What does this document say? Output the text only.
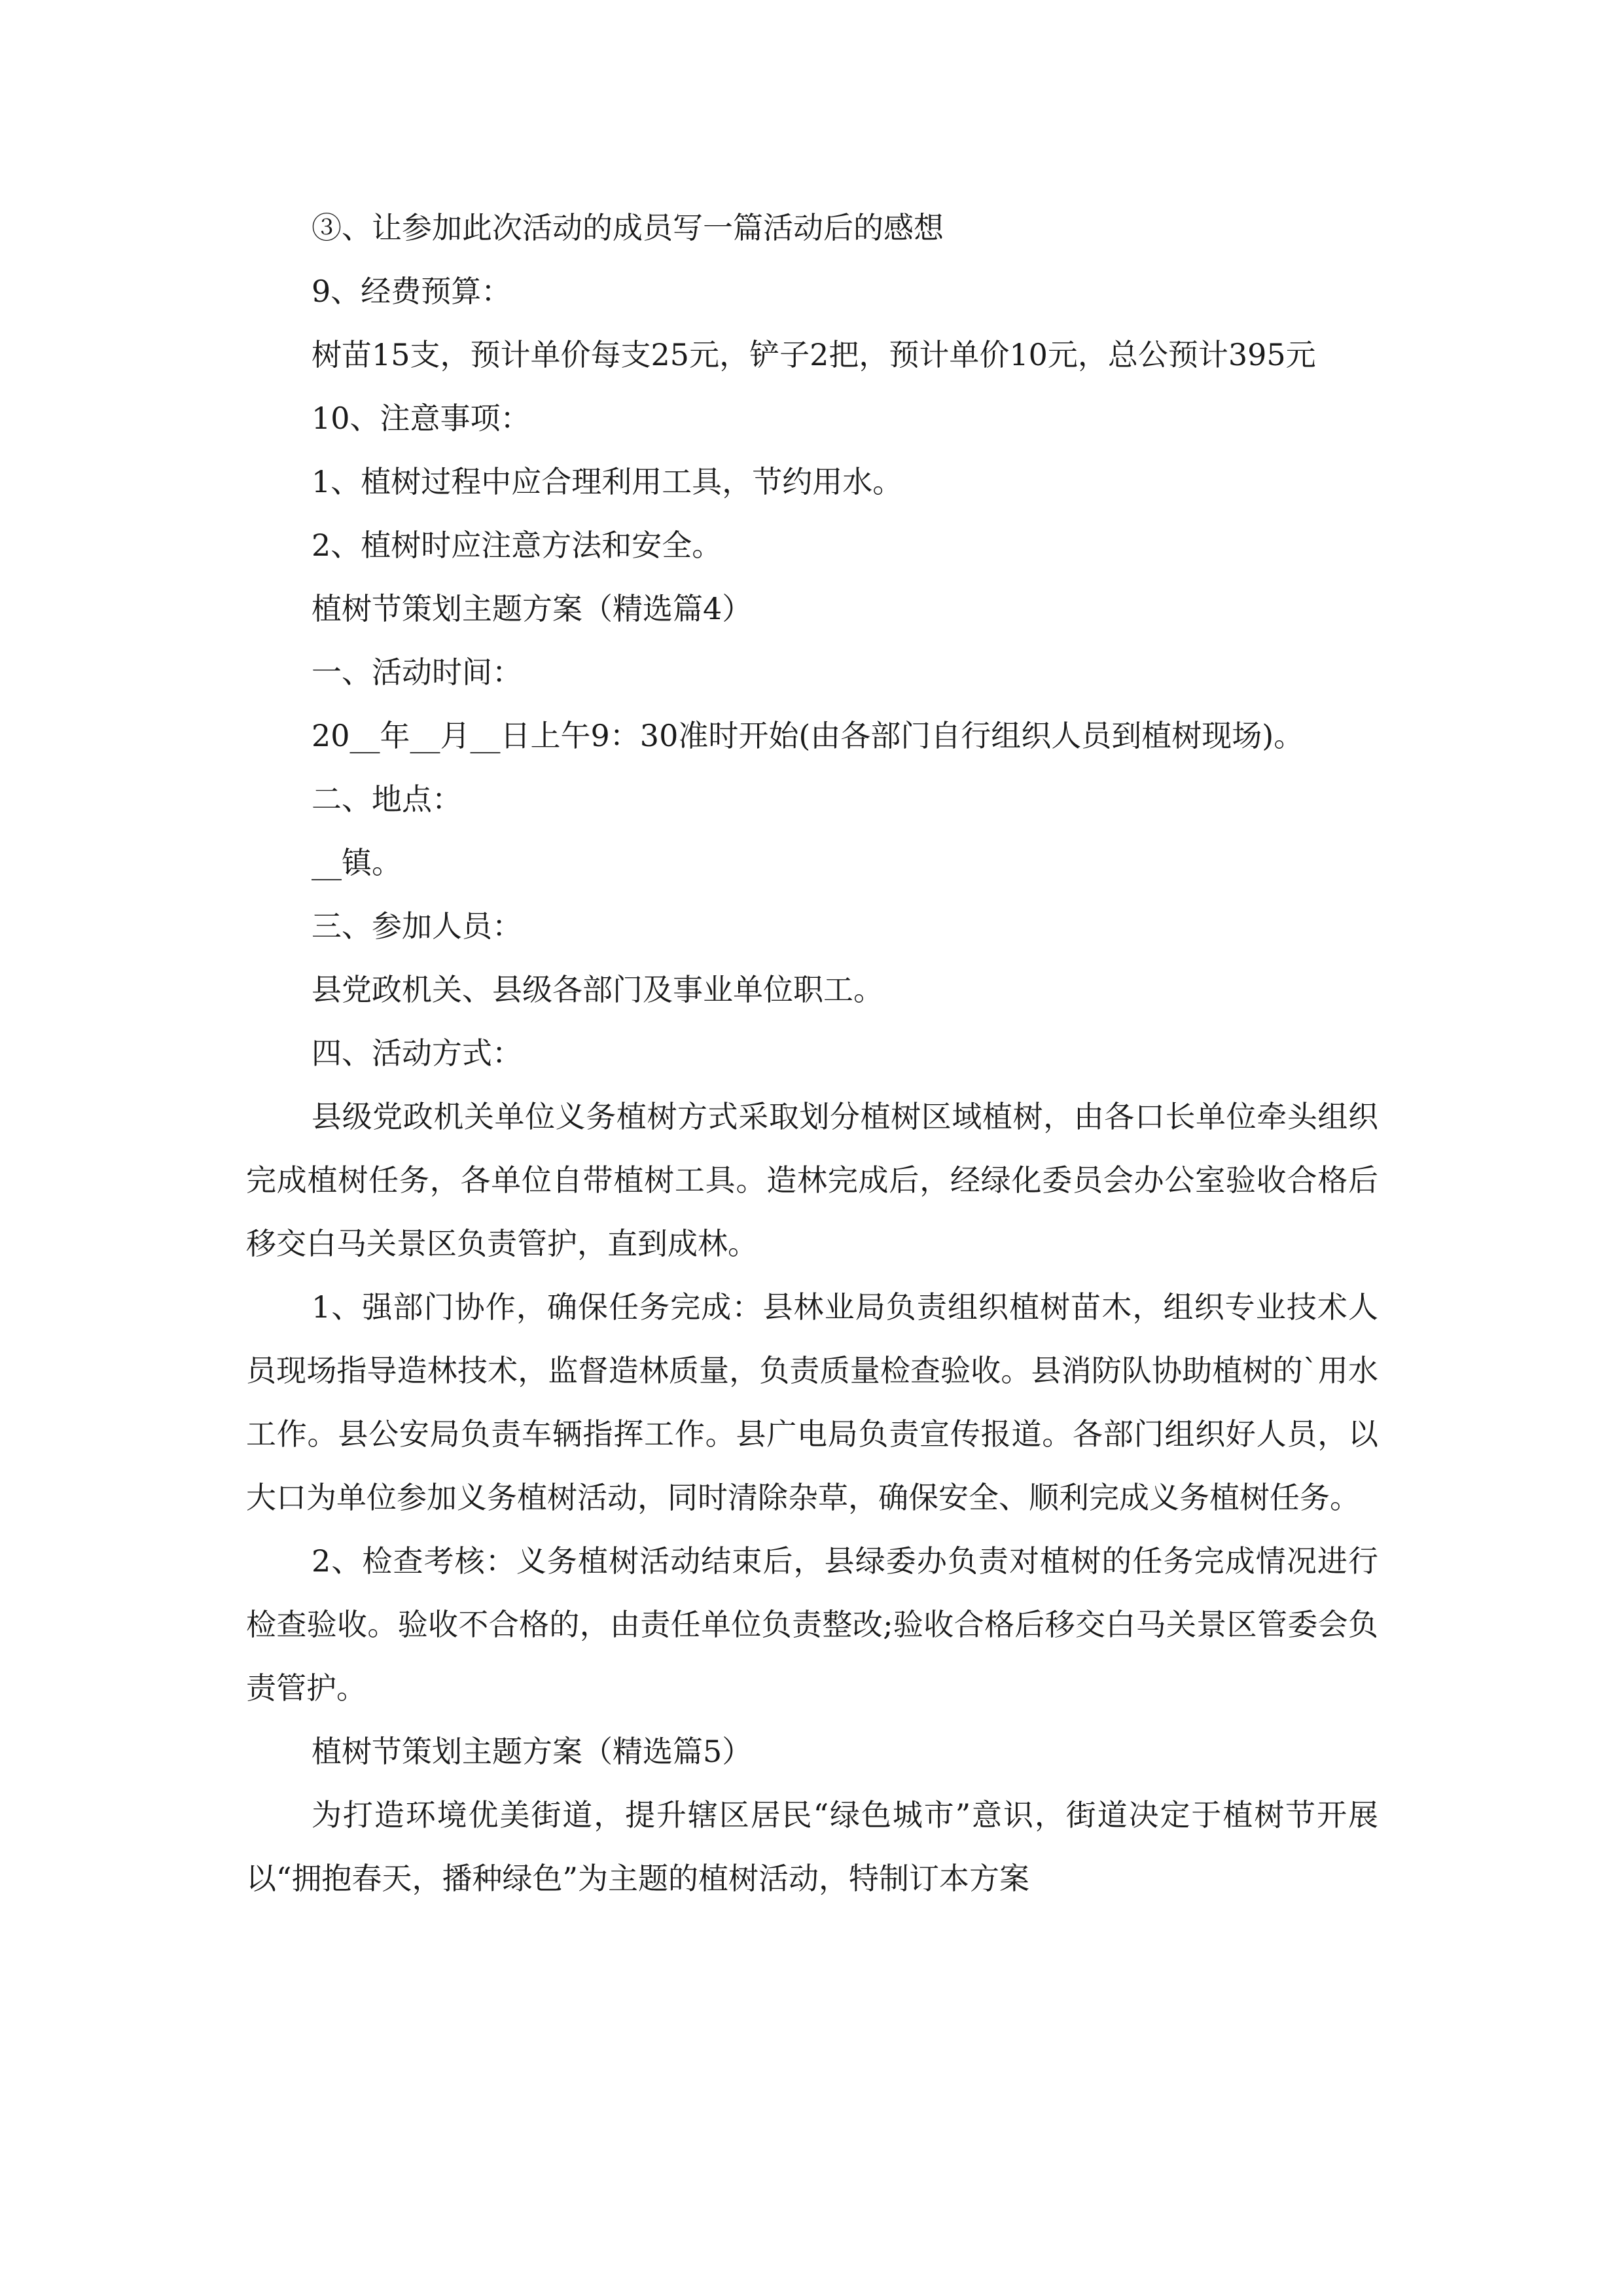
③、让参加此次活动的成员写一篇活动后的感想

9、经费预算：

树苗15支，预计单价每支25元，铲子2把，预计单价10元，总公预计395元

10、注意事项：

1、植树过程中应合理利用工具，节约用水。

2、植树时应注意方法和安全。

植树节策划主题方案（精选篇4）

一、活动时间：

20__年__月__日上午9：30准时开始(由各部门自行组织人员到植树现场)。

二、地点：

__镇。

三、参加人员：

县党政机关、县级各部门及事业单位职工。

四、活动方式：

县级党政机关单位义务植树方式采取划分植树区域植树，由各口长单位牵头组织完成植树任务，各单位自带植树工具。造林完成后，经绿化委员会办公室验收合格后移交白马关景区负责管护，直到成林。

1、强部门协作，确保任务完成：县林业局负责组织植树苗木，组织专业技术人员现场指导造林技术，监督造林质量，负责质量检查验收。县消防队协助植树的`用水工作。县公安局负责车辆指挥工作。县广电局负责宣传报道。各部门组织好人员，以大口为单位参加义务植树活动，同时清除杂草，确保安全、顺利完成义务植树任务。

2、检查考核：义务植树活动结束后，县绿委办负责对植树的任务完成情况进行检查验收。验收不合格的，由责任单位负责整改;验收合格后移交白马关景区管委会负责管护。

植树节策划主题方案（精选篇5）

为打造环境优美街道，提升辖区居民“绿色城市”意识，街道决定于植树节开展以“拥抱春天，播种绿色”为主题的植树活动，特制订本方案
